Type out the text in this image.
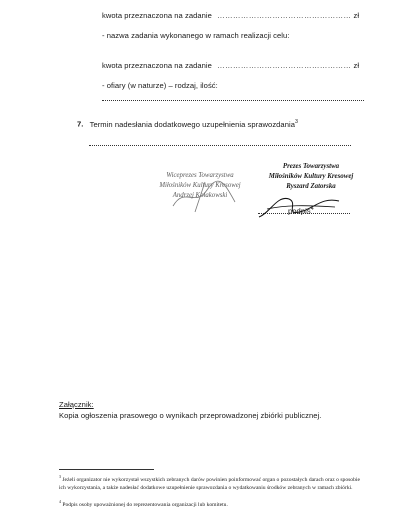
kwota przeznaczona na zadanie …………………………………………… zł
- nazwa zadania wykonanego w ramach realizacji celu:
kwota przeznaczona na zadanie …………………………………………… zł
- ofiary (w naturze) – rodzaj, ilość:
7. Termin nadesłania dodatkowego uzupełnienia sprawozdania$^3$
Wiceprezes Towarzystwa
Miłośników Kultury Kresowej
Andrzej Kołakowski
Prezes Towarzystwa
Miłośników Kultury Kresowej
Ryszard Zatorska
podpis$^4$
Załącznik:
Kopia ogłoszenia prasowego o wynikach przeprowadzonej zbiórki publicznej.
$^3$ Jeżeli organizator nie wykorzystał wszystkich zebranych darów powinien poinformować organ o pozostałych darach oraz o sposobie ich wykorzystania, a także nadesłać dodatkowe uzupełnienie sprawozdania o wydatkowaniu środków zebranych w ramach zbiórki.
$^4$ Podpis osoby upoważnionej do reprezentowania organizacji lub komitetu.
